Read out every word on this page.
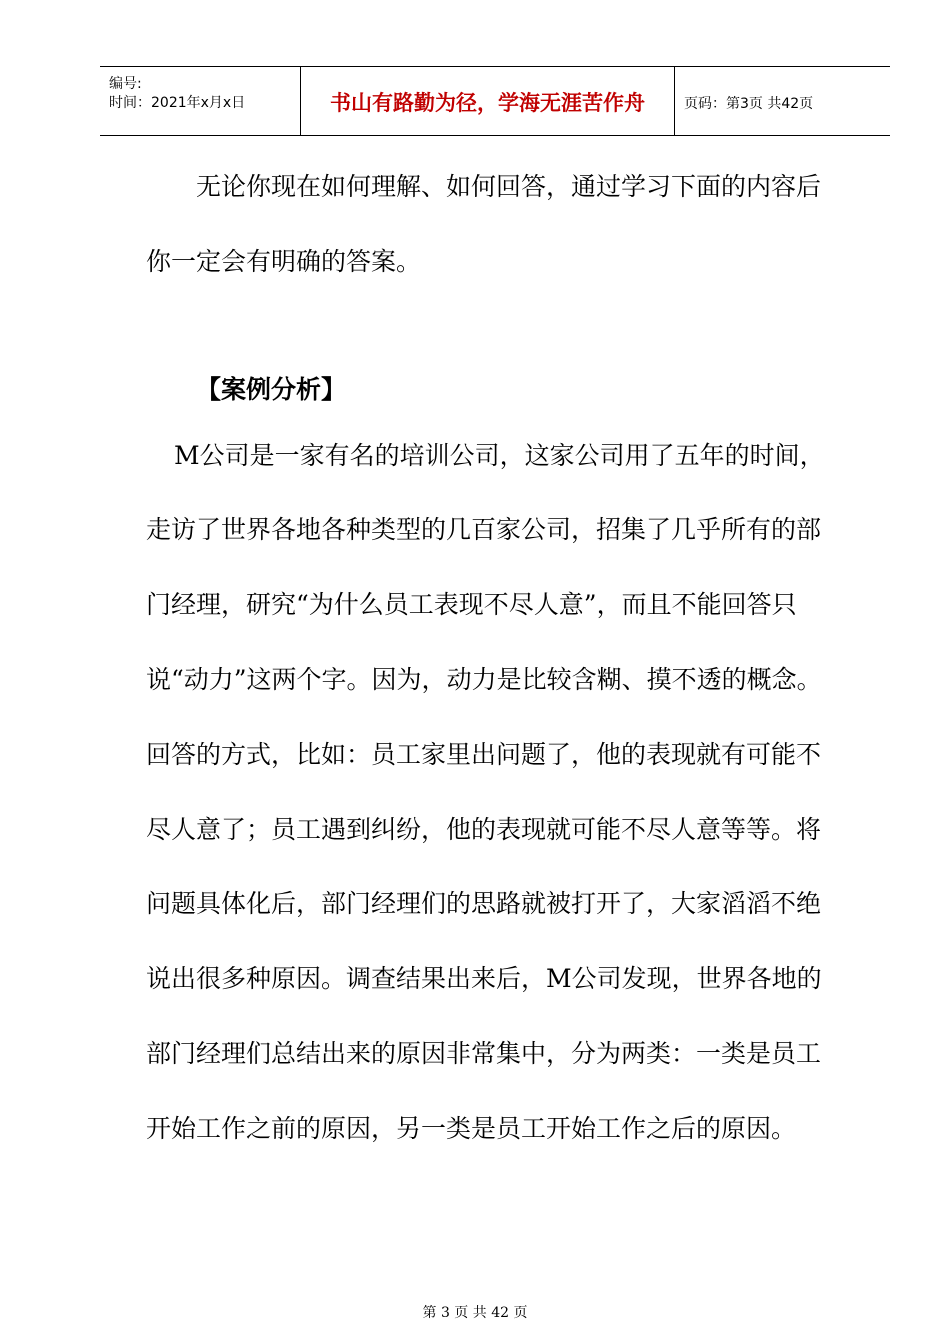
编号:
时间：2021年x月x日	书山有路勤为径，学海无涯苦作舟	页码：第3页 共42页
无论你现在如何理解、如何回答，通过学习下面的内容后
你一定会有明确的答案。
【案例分析】
M公司是一家有名的培训公司，这家公司用了五年的时间，
走访了世界各地各种类型的几百家公司，招集了几乎所有的部
门经理，研究“为什么员工表现不尽人意”，而且不能回答只
说“动力”这两个字。因为，动力是比较含糊、摸不透的概念。
回答的方式，比如：员工家里出问题了，他的表现就有可能不
尽人意了；员工遇到纠纷，他的表现就可能不尽人意等等。将
问题具体化后，部门经理们的思路就被打开了，大家滔滔不绝
说出很多种原因。调查结果出来后，M公司发现，世界各地的
部门经理们总结出来的原因非常集中，分为两类：一类是员工
开始工作之前的原因，另一类是员工开始工作之后的原因。
第 3 页 共 42 页
